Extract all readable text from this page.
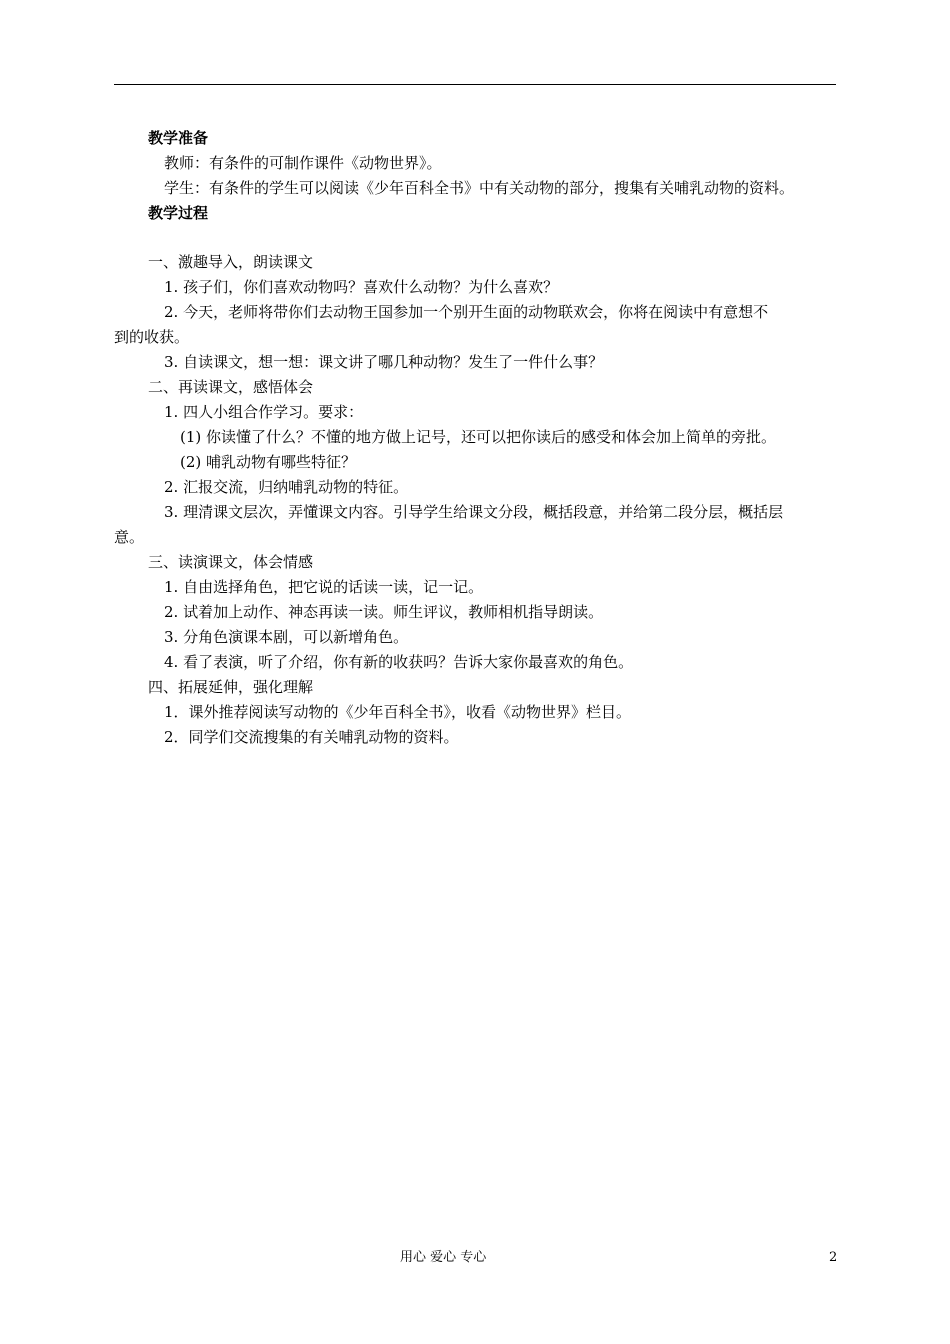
教学准备
教师：有条件的可制作课件《动物世界》。
学生：有条件的学生可以阅读《少年百科全书》中有关动物的部分，搜集有关哺乳动物的资料。
教学过程
一、激趣导入，朗读课文
1. 孩子们，你们喜欢动物吗？喜欢什么动物？为什么喜欢？
2. 今天，老师将带你们去动物王国参加一个别开生面的动物联欢会，你将在阅读中有意想不
到的收获。
3. 自读课文，想一想：课文讲了哪几种动物？发生了一件什么事？
二、再读课文，感悟体会
1. 四人小组合作学习。要求：
(1) 你读懂了什么？不懂的地方做上记号，还可以把你读后的感受和体会加上简单的旁批。
(2) 哺乳动物有哪些特征？
2. 汇报交流，归纳哺乳动物的特征。
3. 理清课文层次，弄懂课文内容。引导学生给课文分段，概括段意，并给第二段分层，概括层
意。
三、读演课文，体会情感
1. 自由选择角色，把它说的话读一读，记一记。
2. 试着加上动作、神态再读一读。师生评议，教师相机指导朗读。
3. 分角色演课本剧，可以新增角色。
4. 看了表演，听了介绍，你有新的收获吗？告诉大家你最喜欢的角色。
四、拓展延伸，强化理解
1．课外推荐阅读写动物的《少年百科全书》，收看《动物世界》栏目。
2．同学们交流搜集的有关哺乳动物的资料。
用心 爱心 专心	2
